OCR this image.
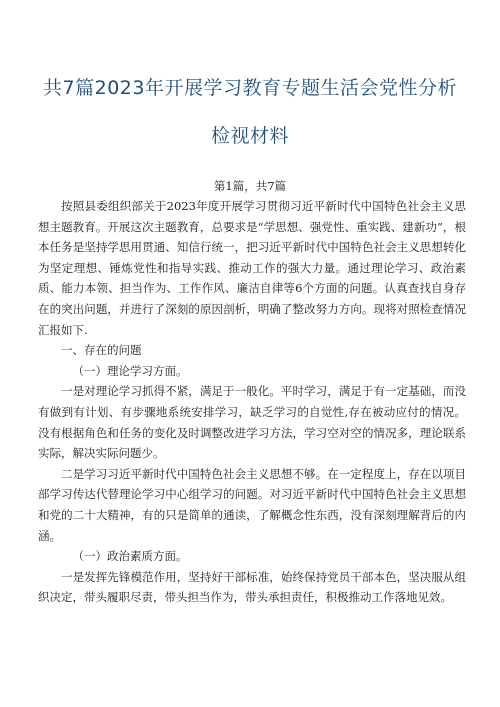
共7篇2023年开展学习教育专题生活会党性分析
检视材料
第1篇，共7篇

按照县委组织部关于2023年度开展学习贯彻习近平新时代中国特色社会主义思想主题教育。开展这次主题教育，总要求是“学思想、强党性、重实践、建新功”，根本任务是坚持学思用贯通、知信行统一，把习近平新时代中国特色社会主义思想转化为坚定理想、锤炼党性和指导实践、推动工作的强大力量。通过理论学习、政治素质、能力本领、担当作为、工作作风、廉洁自律等6个方面的问题。认真查找自身存在的突出问题，并进行了深刻的原因剖析，明确了整改努力方向。现将对照检查情况汇报如下.

一、存在的问题

（一）理论学习方面。

一是对理论学习抓得不紧，满足于一般化。平时学习，满足于有一定基础，而没有做到有计划、有步骤地系统安排学习，缺乏学习的自觉性,存在被动应付的情况。没有根据角色和任务的变化及时调整改进学习方法，学习空对空的情况多，理论联系实际，解决实际问题少。

二是学习习近平新时代中国特色社会主义思想不够。在一定程度上，存在以项目部学习传达代替理论学习中心组学习的问题。对习近平新时代中国特色社会主义思想和党的二十大精神，有的只是简单的通读，了解概念性东西，没有深刻理解背后的内涵。

（一）政治素质方面。

一是发挥先锋模范作用，坚持好干部标准，始终保持党员干部本色，坚决服从组织决定，带头履职尽责，带头担当作为，带头承担责任，积极推动工作落地见效。
